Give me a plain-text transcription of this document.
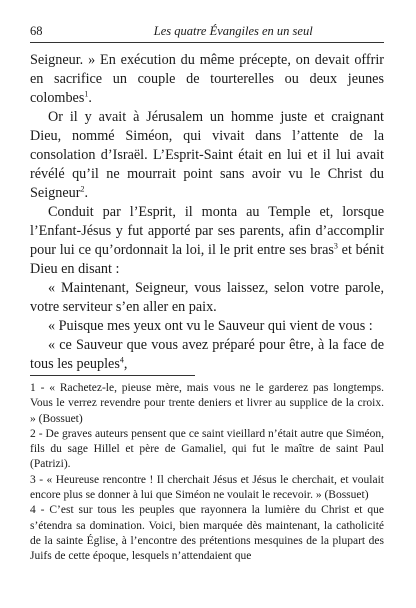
68	Les quatre Évangiles en un seul

Seigneur. » En exécution du même précepte, on devait offrir en sacrifice un couple de tourterelles ou deux jeunes colombes$^1$.

Or il y avait à Jérusalem un homme juste et craignant Dieu, nommé Siméon, qui vivait dans l’attente de la consolation d’Israël. L’Esprit-Saint était en lui et il lui avait révélé qu’il ne mourrait point sans avoir vu le Christ du Seigneur$^2$.

Conduit par l’Esprit, il monta au Temple et, lorsque l’Enfant-Jésus y fut apporté par ses parents, afin d’accomplir pour lui ce qu’ordonnait la loi, il le prit entre ses bras$^3$ et bénit Dieu en disant :

« Maintenant, Seigneur, vous laissez, selon votre parole, votre serviteur s’en aller en paix.

« Puisque mes yeux ont vu le Sauveur qui vient de vous :

« ce Sauveur que vous avez préparé pour être, à la face de tous les peuples$^4$,

1 - « Rachetez-le, pieuse mère, mais vous ne le garderez pas longtemps. Vous le verrez revendre pour trente deniers et livrer au supplice de la croix. » (Bossuet)

2 - De graves auteurs pensent que ce saint vieillard n’était autre que Siméon, fils du sage Hillel et père de Gamaliel, qui fut le maître de saint Paul (Patrizi).

3 - « Heureuse rencontre ! Il cherchait Jésus et Jésus le cherchait, et voulait encore plus se donner à lui que Siméon ne voulait le recevoir. » (Bossuet)

4 - C’est sur tous les peuples que rayonnera la lumière du Christ et que s’étendra sa domination. Voici, bien marquée dès maintenant, la catholicité de la sainte Église, à l’encontre des prétentions mesquines de la plupart des Juifs de cette époque, lesquels n’attendaient que
